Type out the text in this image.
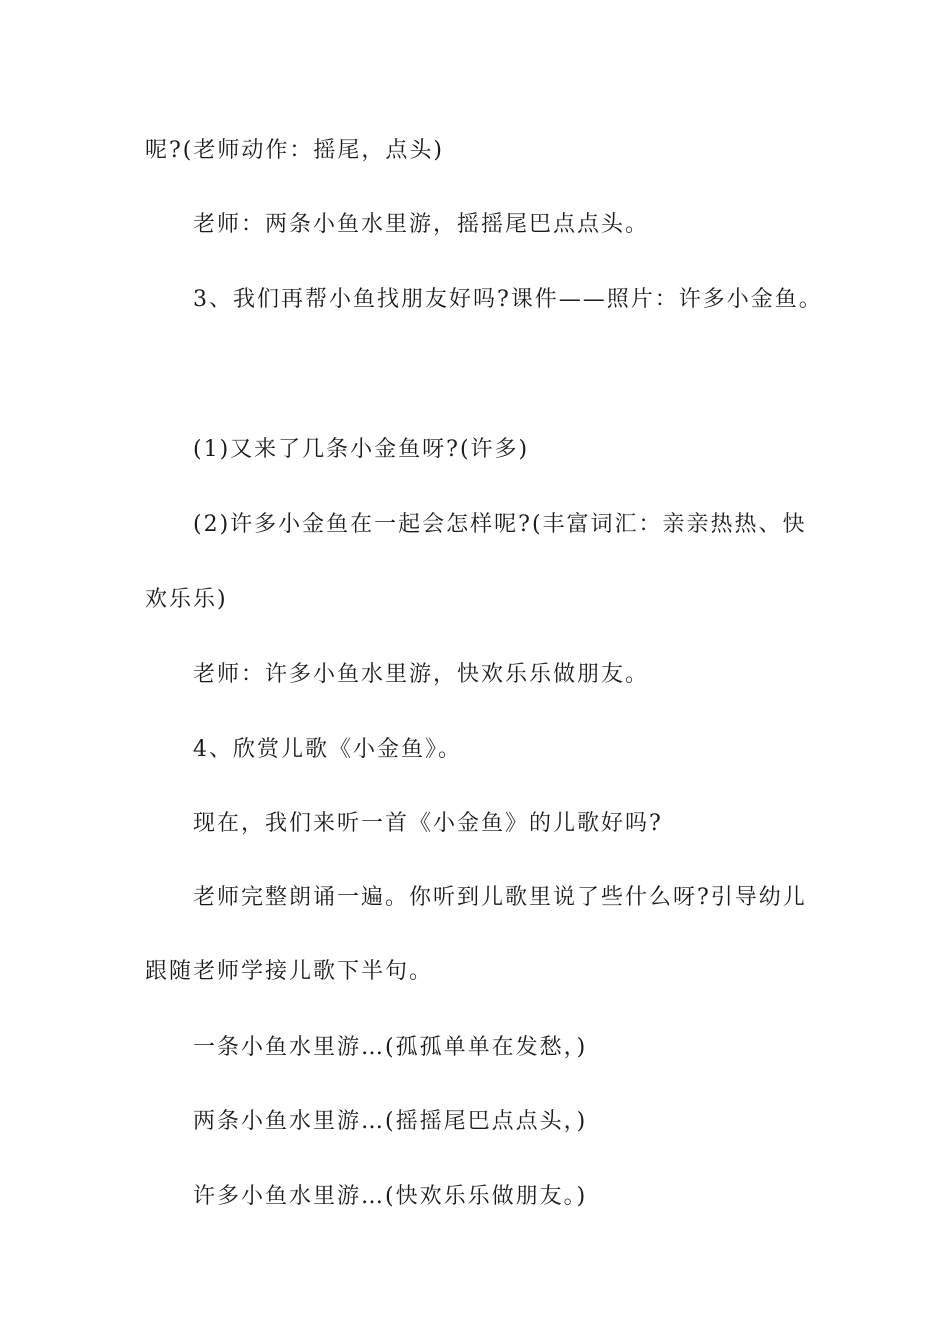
呢?(老师动作：摇尾，点头)
老师：两条小鱼水里游，摇摇尾巴点点头。
3、我们再帮小鱼找朋友好吗?课件——照片：许多小金鱼。
(1)又来了几条小金鱼呀?(许多)
(2)许多小金鱼在一起会怎样呢?(丰富词汇：亲亲热热、快
欢乐乐)
老师：许多小鱼水里游，快欢乐乐做朋友。
4、欣赏儿歌《小金鱼》。
现在，我们来听一首《小金鱼》的儿歌好吗?
老师完整朗诵一遍。你听到儿歌里说了些什么呀?引导幼儿
跟随老师学接儿歌下半句。
一条小鱼水里游…(孤孤单单在发愁，)
两条小鱼水里游…(摇摇尾巴点点头，)
许多小鱼水里游…(快欢乐乐做朋友。)
